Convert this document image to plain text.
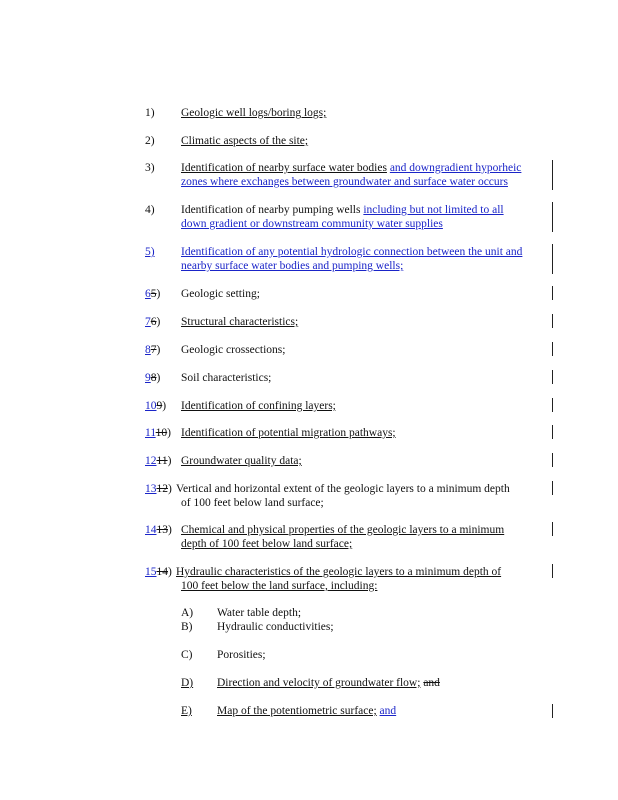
1) Geologic well logs/boring logs;
2) Climatic aspects of the site;
3) Identification of nearby surface water bodies and downgradient hyporheic
zones where exchanges between groundwater and surface water occurs
4) Identification of nearby pumping wells including but not limited to all
down gradient or downstream community water supplies
5) Identification of any potential hydrologic connection between the unit and
nearby surface water bodies and pumping wells;
65) Geologic setting;
76) Structural characteristics;
87) Geologic crossections;
98) Soil characteristics;
109) Identification of confining layers;
1110) Identification of potential migration pathways;
1211) Groundwater quality data;
1312) Vertical and horizontal extent of the geologic layers to a minimum depth
of 100 feet below land surface;
1413) Chemical and physical properties of the geologic layers to a minimum
depth of 100 feet below land surface;
1514) Hydraulic characteristics of the geologic layers to a minimum depth of
100 feet below the land surface, including:
A) Water table depth;
B) Hydraulic conductivities;
C) Porosities;
D) Direction and velocity of groundwater flow; and
E) Map of the potentiometric surface; and
